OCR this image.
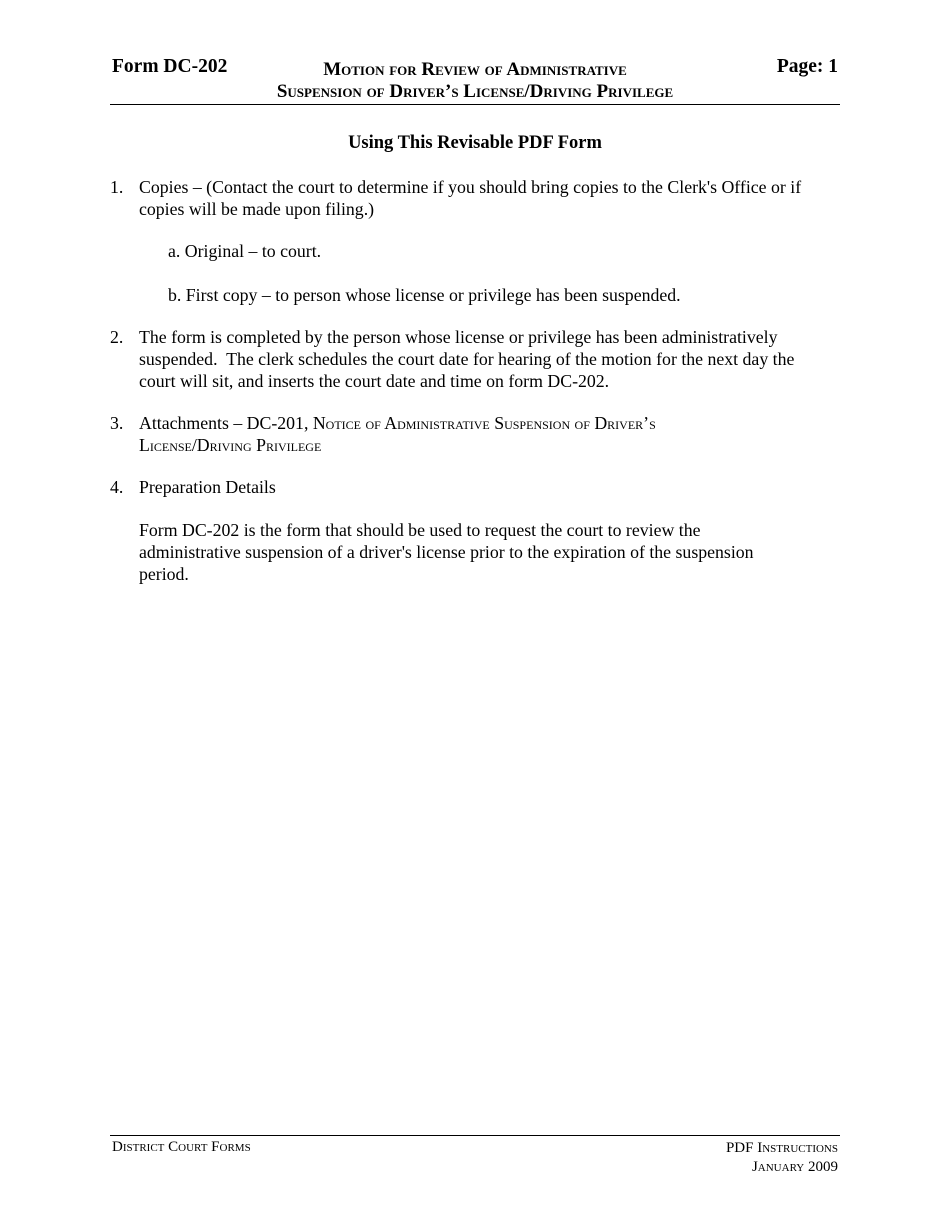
Form DC-202	Motion for Review of Administrative
Suspension of Driver’s License/Driving Privilege
Page: 1
Using This Revisable PDF Form
1. Copies – (Contact the court to determine if you should bring copies to the Clerk's Office or if
copies will be made upon filing.)
a. Original – to court.
b. First copy – to person whose license or privilege has been suspended.
2. The form is completed by the person whose license or privilege has been administratively
suspended.  The clerk schedules the court date for hearing of the motion for the next day the
court will sit, and inserts the court date and time on form DC-202.
3. Attachments – DC-201, Notice of Administrative Suspension of Driver’s
License/Driving Privilege
4. Preparation Details
Form DC-202 is the form that should be used to request the court to review the
administrative suspension of a driver's license prior to the expiration of the suspension
period.
District Court Forms	PDF Instructions
January 2009
